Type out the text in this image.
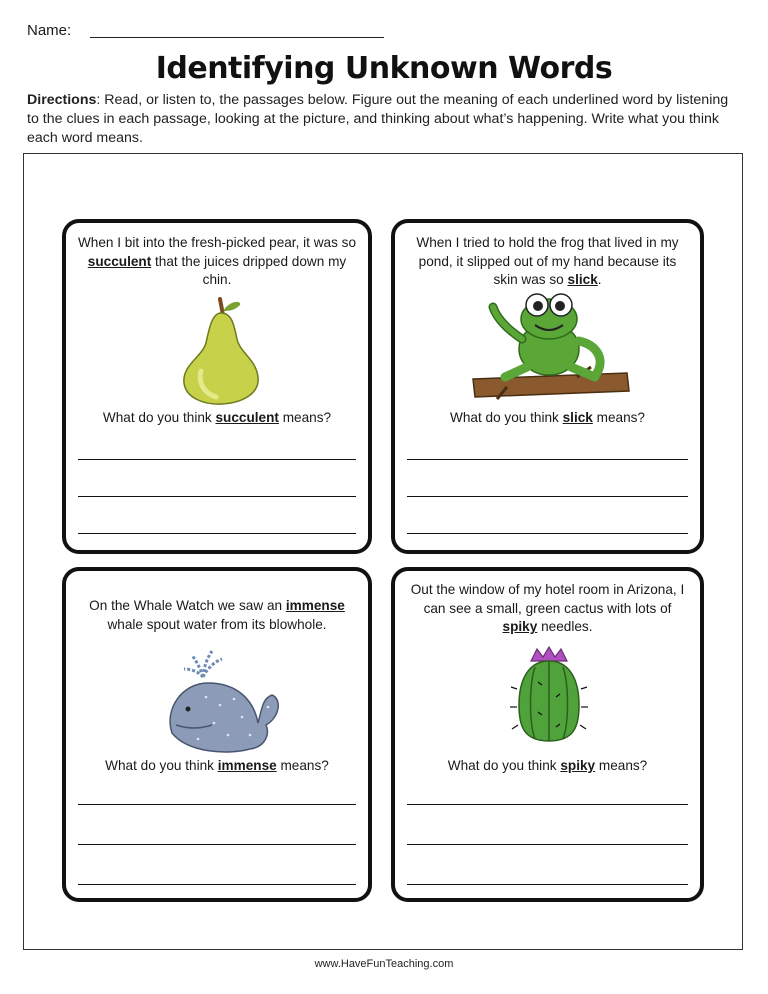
Name:
Identifying Unknown Words
Directions: Read, or listen to, the passages below. Figure out the meaning of each underlined word by listening to the clues in each passage, looking at the picture, and thinking about what’s happening. Write what you think each word means.
When I bit into the fresh-picked pear, it was so succulent that the juices dripped down my chin.
What do you think succulent means?
When I tried to hold the frog that lived in my pond, it slipped out of my hand because its skin was so slick.
What do you think slick means?
On the Whale Watch we saw an immense whale spout water from its blowhole.
What do you think immense means?
Out the window of my hotel room in Arizona, I can see a small, green cactus with lots of spiky needles.
What do you think spiky means?
www.HaveFunTeaching.com
